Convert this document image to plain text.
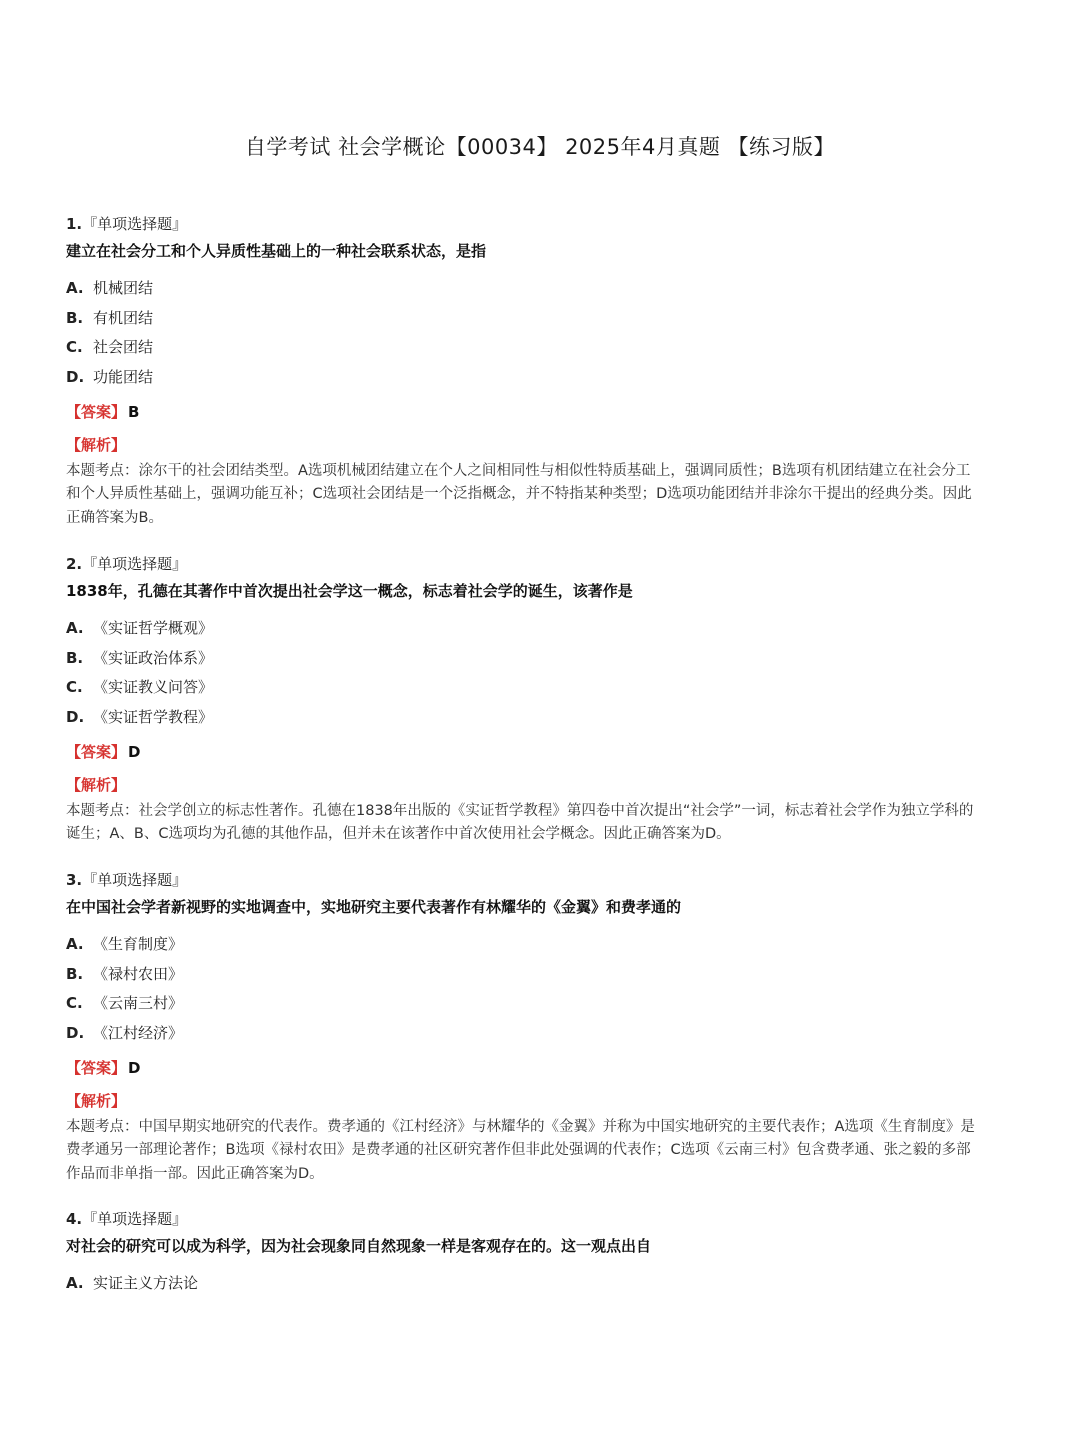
自学考试 社会学概论【00034】 2025年4月真题 【练习版】
1.『单项选择题』
建立在社会分工和个人异质性基础上的一种社会联系状态，是指
A. 机械团结
B. 有机团结
C. 社会团结
D. 功能团结
【答案】 B
【解析】
本题考点：涂尔干的社会团结类型。A选项机械团结建立在个人之间相同性与相似性特质基础上，强调同质性；B选项有机团结建立在社会分工和个人异质性基础上，强调功能互补；C选项社会团结是一个泛指概念，并不特指某种类型；D选项功能团结并非涂尔干提出的经典分类。因此正确答案为B。
2.『单项选择题』
1838年，孔德在其著作中首次提出社会学这一概念，标志着社会学的诞生，该著作是
A. 《实证哲学概观》
B. 《实证政治体系》
C. 《实证教义问答》
D. 《实证哲学教程》
【答案】 D
【解析】
本题考点：社会学创立的标志性著作。孔德在1838年出版的《实证哲学教程》第四卷中首次提出“社会学”一词，标志着社会学作为独立学科的诞生；A、B、C选项均为孔德的其他作品，但并未在该著作中首次使用社会学概念。因此正确答案为D。
3.『单项选择题』
在中国社会学者新视野的实地调查中，实地研究主要代表著作有林耀华的《金翼》和费孝通的
A. 《生育制度》
B. 《禄村农田》
C. 《云南三村》
D. 《江村经济》
【答案】 D
【解析】
本题考点：中国早期实地研究的代表作。费孝通的《江村经济》与林耀华的《金翼》并称为中国实地研究的主要代表作；A选项《生育制度》是费孝通另一部理论著作；B选项《禄村农田》是费孝通的社区研究著作但非此处强调的代表作；C选项《云南三村》包含费孝通、张之毅的多部作品而非单指一部。因此正确答案为D。
4.『单项选择题』
对社会的研究可以成为科学，因为社会现象同自然现象一样是客观存在的。这一观点出自
A. 实证主义方法论
